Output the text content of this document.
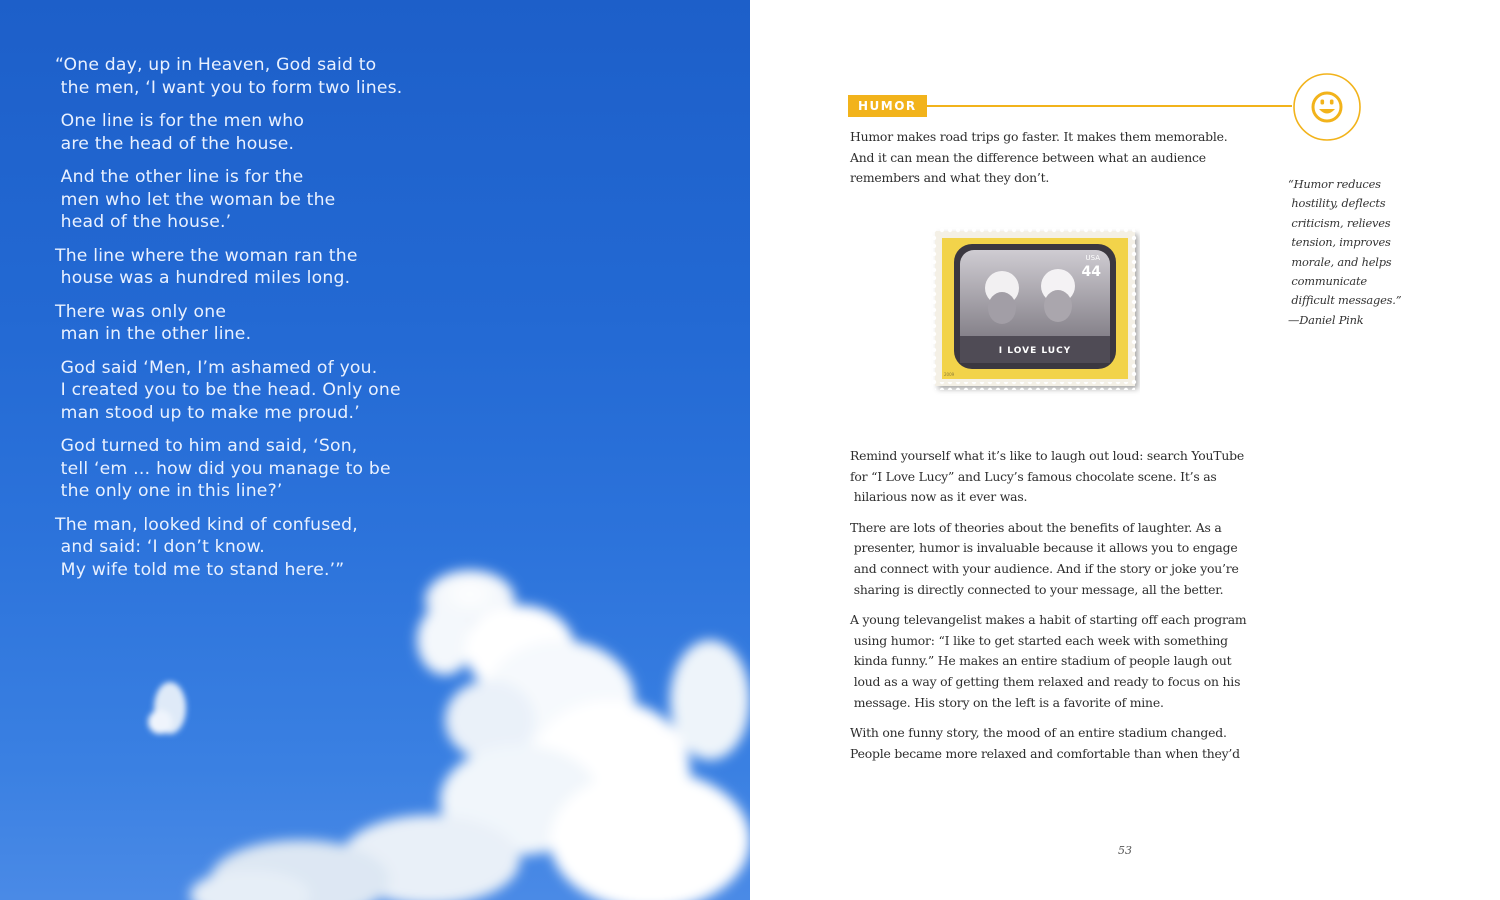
“One day, up in Heaven, God said to
the men, ‘I want you to form two lines.

One line is for the men who
are the head of the house.

And the other line is for the
men who let the woman be the
head of the house.’

The line where the woman ran the
house was a hundred miles long.

There was only one
man in the other line.

God said ‘Men, I’m ashamed of you.
I created you to be the head. Only one
man stood up to make me proud.’

God turned to him and said, ‘Son,
tell ‘em … how did you manage to be
the only one in this line?’

The man, looked kind of confused,
and said: ‘I don’t know.
My wife told me to stand here.’”

HUMOR

Humor makes road trips go faster. It makes them memorable.
And it can mean the difference between what an audience
remembers and what they don’t.

I LOVE LUCY
USA
44
2009

Remind yourself what it’s like to laugh out loud: search YouTube
for “I Love Lucy” and Lucy’s famous chocolate scene. It’s as
hilarious now as it ever was.

There are lots of theories about the benefits of laughter. As a
presenter, humor is invaluable because it allows you to engage
and connect with your audience. And if the story or joke you’re
sharing is directly connected to your message, all the better.

A young televangelist makes a habit of starting off each program
using humor: “I like to get started each week with something
kinda funny.” He makes an entire stadium of people laugh out
loud as a way of getting them relaxed and ready to focus on his
message. His story on the left is a favorite of mine.

With one funny story, the mood of an entire stadium changed.
People became more relaxed and comfortable than when they’d

“Humor reduces
hostility, deflects
criticism, relieves
tension, improves
morale, and helps
communicate
difficult messages.”
—Daniel Pink
53
